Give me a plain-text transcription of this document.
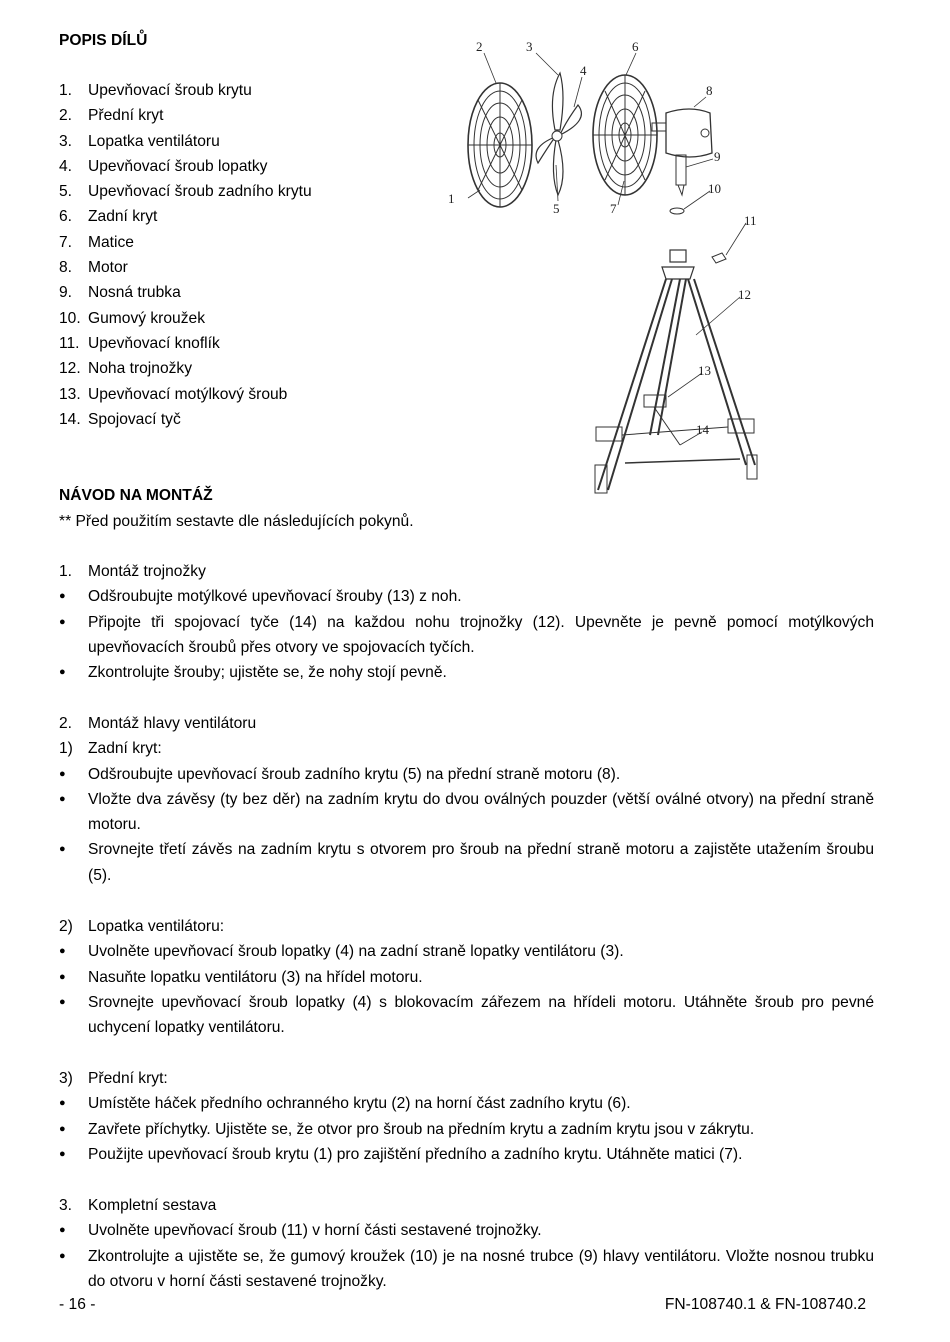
POPIS DÍLŮ
1.	Upevňovací šroub krytu
2.	Přední kryt
3.	Lopatka ventilátoru
4.	Upevňovací šroub lopatky
5.	Upevňovací šroub zadního krytu
6.	Zadní kryt
7.	Matice
8.	Motor
9.	Nosná trubka
10. Gumový kroužek
11. Upevňovací knoflík
12. Noha trojnožky
13. Upevňovací motýlkový šroub
14. Spojovací tyč
1
2	3
4
5
6
7
8
9
10
11
12
13
14
NÁVOD NA MONTÁŽ
** Před použitím sestavte dle následujících pokynů.
1.	Montáž trojnožky
●	Odšroubujte motýlkové upevňovací šrouby (13) z noh.
●	Připojte tři spojovací tyče (14) na každou nohu trojnožky (12). Upevněte je pevně pomocí motýlkových upevňovacích šroubů přes otvory ve spojovacích tyčích.
●	Zkontrolujte šrouby; ujistěte se, že nohy stojí pevně.
2.	Montáž hlavy ventilátoru
1) Zadní kryt:
●	Odšroubujte upevňovací šroub zadního krytu (5) na přední straně motoru (8).
●	Vložte dva závěsy (ty bez děr) na zadním krytu do dvou oválných pouzder (větší oválné otvory) na přední straně motoru.
●	Srovnejte třetí závěs na zadním krytu s otvorem pro šroub na přední straně motoru a zajistěte utažením šroubu (5).
2) Lopatka ventilátoru:
●	Uvolněte upevňovací šroub lopatky (4) na zadní straně lopatky ventilátoru (3).
●	Nasuňte lopatku ventilátoru (3) na hřídel motoru.
●	Srovnejte upevňovací šroub lopatky (4) s blokovacím zářezem na hřídeli motoru. Utáhněte šroub pro pevné uchycení lopatky ventilátoru.
3) Přední kryt:
●	Umístěte háček předního ochranného krytu (2) na horní část zadního krytu (6).
●	Zavřete příchytky. Ujistěte se, že otvor pro šroub na předním krytu a zadním krytu jsou v zákrytu.
●	Použijte upevňovací šroub krytu (1) pro zajištění předního a zadního krytu. Utáhněte matici (7).
3.	Kompletní sestava
●	Uvolněte upevňovací šroub (11) v horní části sestavené trojnožky.
●	Zkontrolujte a ujistěte se, že gumový kroužek (10) je na nosné trubce (9) hlavy ventilátoru. Vložte nosnou trubku do otvoru v horní části sestavené trojnožky.
- 16 -	FN-108740.1 & FN-108740.2
